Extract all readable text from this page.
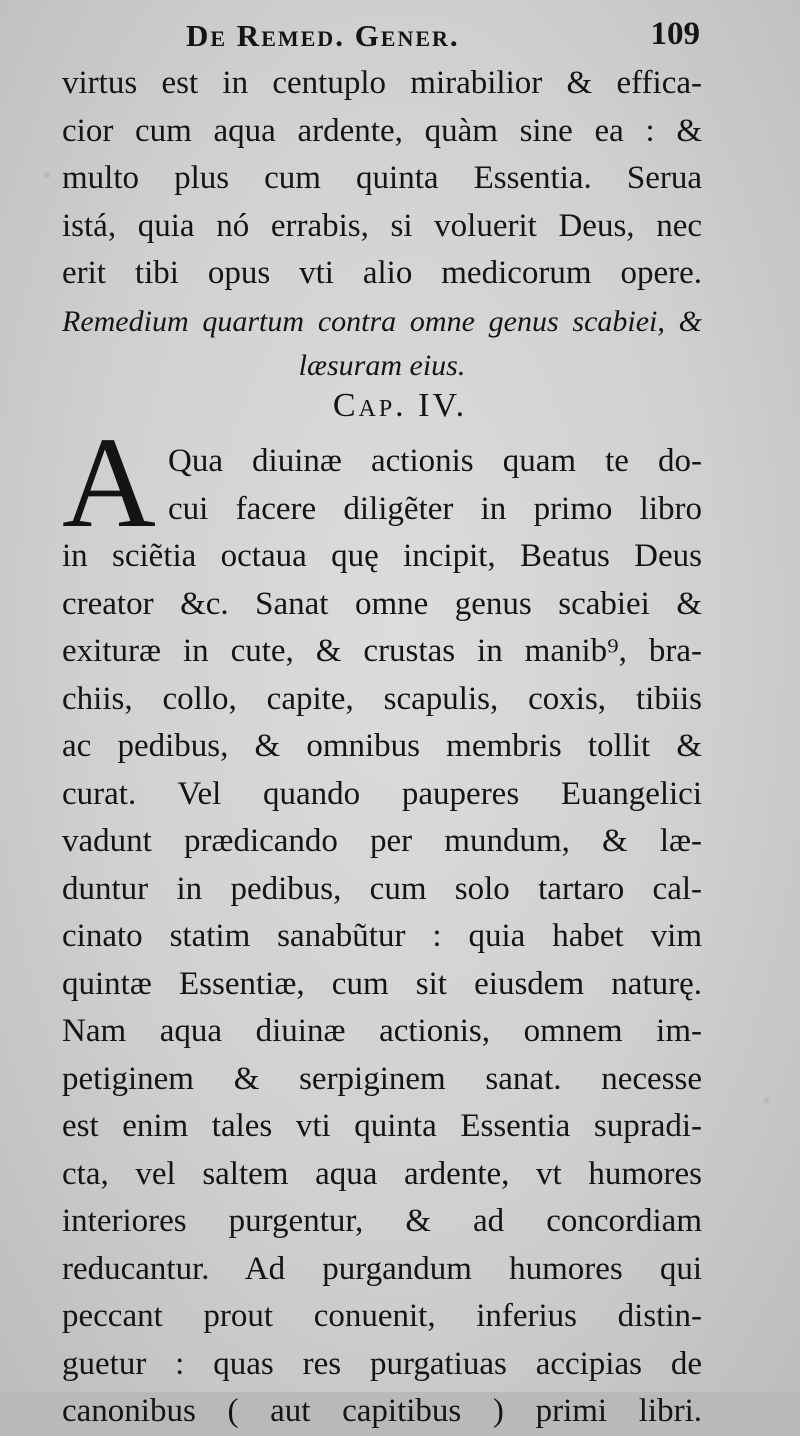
De Remed. Gener.	109
virtus est in centuplo mirabilior & effica-
cior cum aqua ardente, quàm sine ea : &
multo plus cum quinta Essentia. Serua
istá, quia nó errabis, si voluerit Deus, nec
erit tibi opus vti alio medicorum opere.
Remedium quartum contra omne genus scabiei, &
læsuram eius.
Cap. IV.
A Qua diuinæ actionis quam te do-
cui facere diligẽter in primo libro
in sciẽtia octaua quę incipit, Beatus Deus
creator &c. Sanat omne genus scabiei &
exituræ in cute, & crustas in manib⁹, bra-
chiis, collo, capite, scapulis, coxis, tibiis
ac pedibus, & omnibus membris tollit &
curat. Vel quando pauperes Euangelici
vadunt prædicando per mundum, & læ-
duntur in pedibus, cum solo tartaro cal-
cinato statim sanabũtur : quia habet vim
quintæ Essentiæ, cum sit eiusdem naturę.
Nam aqua diuinæ actionis, omnem im-
petiginem & serpiginem sanat. necesse
est enim tales vti quinta Essentia supradi-
cta, vel saltem aqua ardente, vt humores
interiores purgentur, & ad concordiam
reducantur. Ad purgandum humores qui
peccant prout conuenit, inferius distin-
guetur : quas res purgatiuas accipias de
canonibus ( aut capitibus ) primi libri.
